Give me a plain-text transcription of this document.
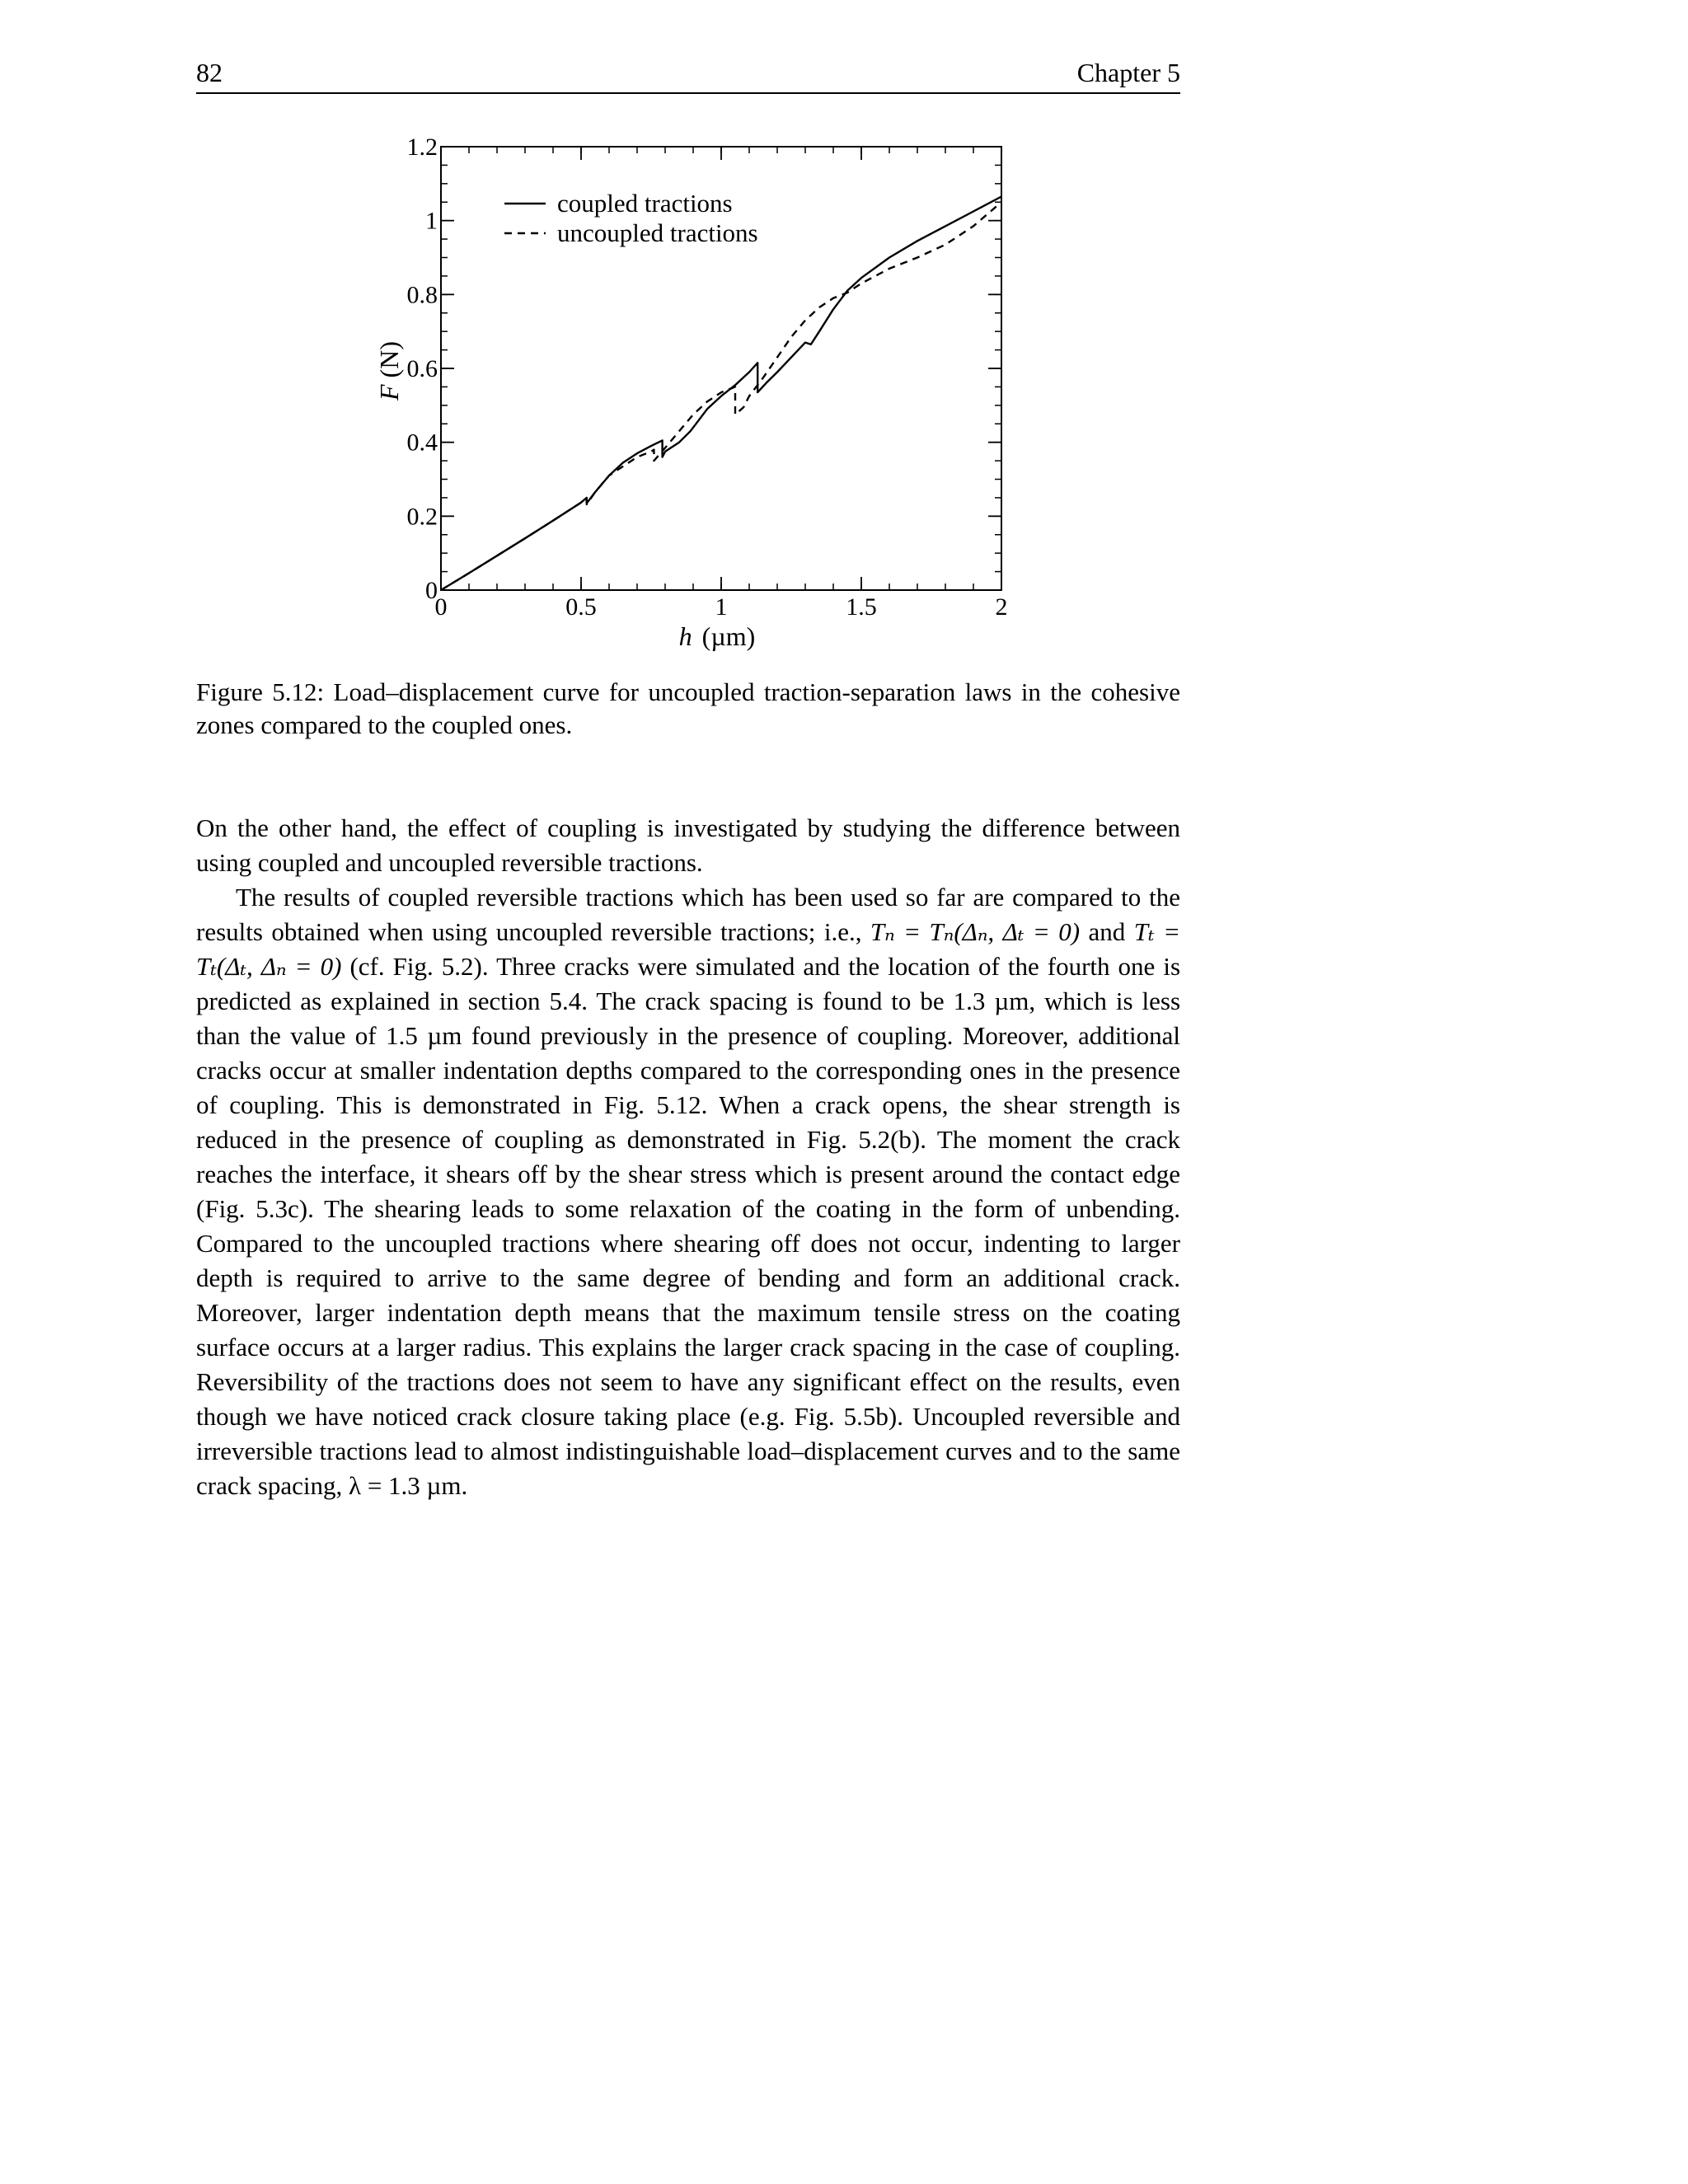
82	Chapter 5
0	0.5	1	1.5	2
0
0.2
0.4
0.6
0.8
1
1.2
coupled tractions
uncoupled tractions
h (µm)
F(N)
Figure 5.12: Load–displacement curve for uncoupled traction-separation laws in the cohesive zones compared to the coupled ones.

On the other hand, the effect of coupling is investigated by studying the difference between using coupled and uncoupled reversible tractions.

The results of coupled reversible tractions which has been used so far are compared to the results obtained when using uncoupled reversible tractions; i.e., Tₙ = Tₙ(Δₙ, Δₜ = 0) and Tₜ = Tₜ(Δₜ, Δₙ = 0) (cf. Fig. 5.2). Three cracks were simulated and the location of the fourth one is predicted as explained in section 5.4. The crack spacing is found to be 1.3 µm, which is less than the value of 1.5 µm found previously in the presence of coupling. Moreover, additional cracks occur at smaller indentation depths compared to the corresponding ones in the presence of coupling. This is demonstrated in Fig. 5.12. When a crack opens, the shear strength is reduced in the presence of coupling as demonstrated in Fig. 5.2(b). The moment the crack reaches the interface, it shears off by the shear stress which is present around the contact edge (Fig. 5.3c). The shearing leads to some relaxation of the coating in the form of unbending. Compared to the uncoupled tractions where shearing off does not occur, indenting to larger depth is required to arrive to the same degree of bending and form an additional crack. Moreover, larger indentation depth means that the maximum tensile stress on the coating surface occurs at a larger radius. This explains the larger crack spacing in the case of coupling. Reversibility of the tractions does not seem to have any significant effect on the results, even though we have noticed crack closure taking place (e.g. Fig. 5.5b). Uncoupled reversible and irreversible tractions lead to almost indistinguishable load–displacement curves and to the same crack spacing, λ = 1.3 µm.
